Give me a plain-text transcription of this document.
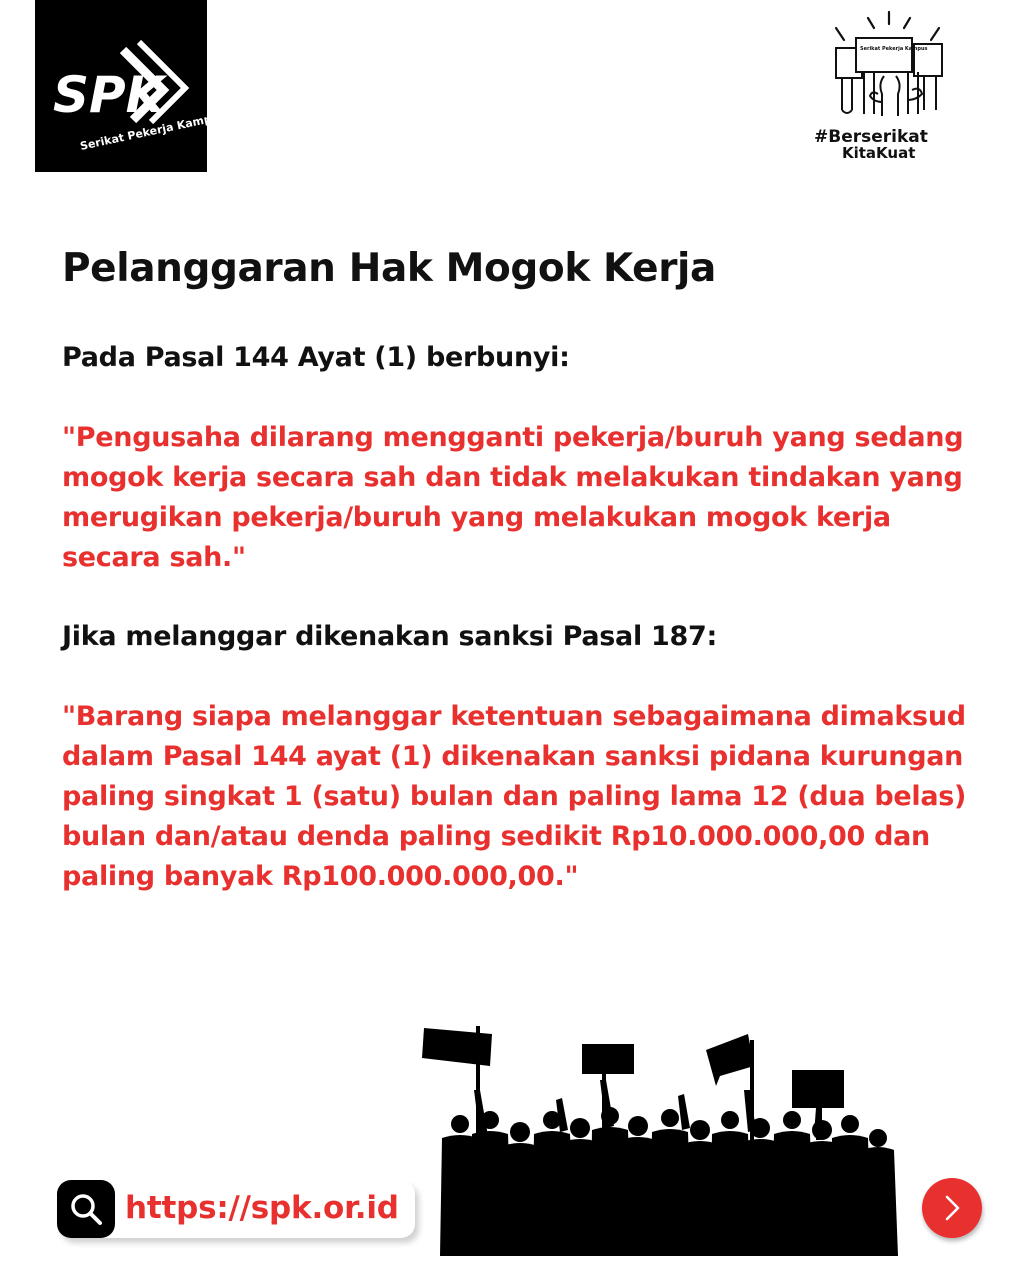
SPK
Serikat Pekerja Kampus
Serikat Pekerja Kampus
#Berserikat
KitaKuat
Pelanggaran Hak Mogok Kerja

Pada Pasal 144 Ayat (1) berbunyi:

"Pengusaha dilarang mengganti pekerja/buruh yang sedang mogok kerja secara sah dan tidak melakukan tindakan yang merugikan pekerja/buruh yang melakukan mogok kerja secara sah."

Jika melanggar dikenakan sanksi Pasal 187:

"Barang siapa melanggar ketentuan sebagaimana dimaksud dalam Pasal 144 ayat (1) dikenakan sanksi pidana kurungan paling singkat 1 (satu) bulan dan paling lama 12 (dua belas) bulan dan/atau denda paling sedikit Rp10.000.000,00 dan paling banyak Rp100.000.000,00."

https://spk.or.id
